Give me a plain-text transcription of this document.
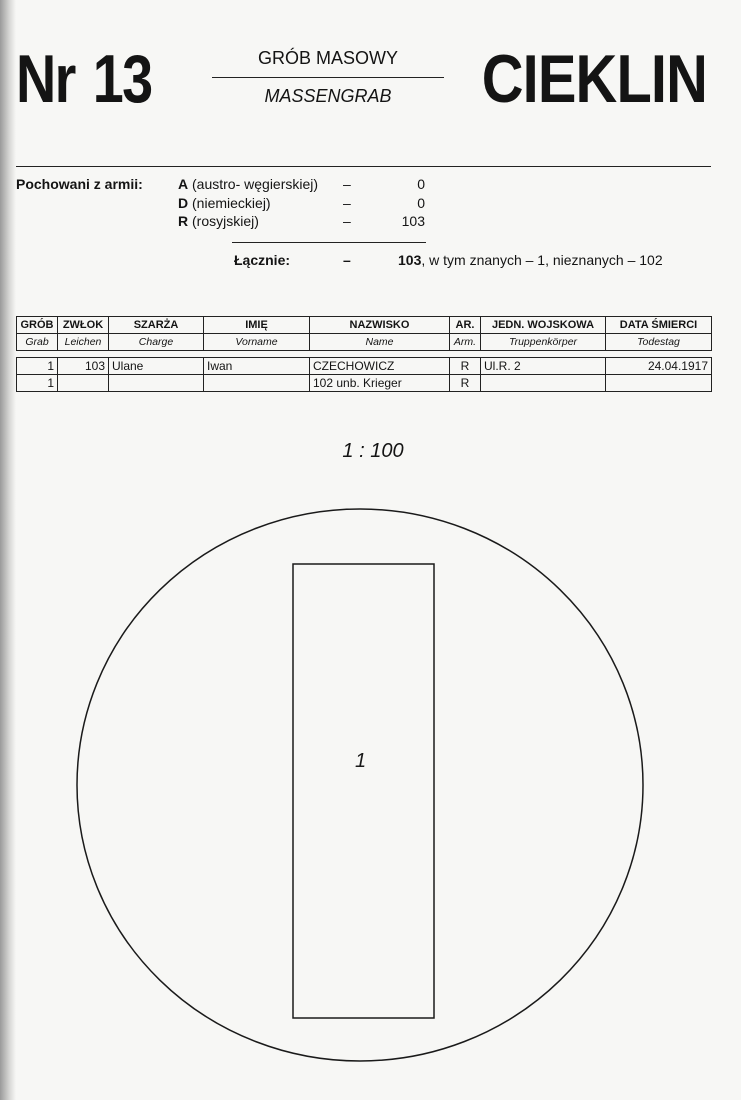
Nr 13	GRÓB MASOWY
MASSENGRAB	CIEKLIN
Pochowani z armii:	A (austro- węgierskiej) –	0
D (niemieckiej)	–	0
R (rosyjskiej)	–	103
Łącznie:	–	103, w tym znanych – 1, nieznanych – 102
GRÓB	ZWŁOK	SZARŻA	IMIĘ	NAZWISKO	AR.	JEDN. WOJSKOWA	DATA ŚMIERCI
Grab	Leichen	Charge	Vorname	Name	Arm.	Truppenkörper	Todestag
1	103	Ulane	Iwan	CZECHOWICZ	R	Ul.R. 2	24.04.1917
1				102 unb. Krieger	R		
1 : 100
1
